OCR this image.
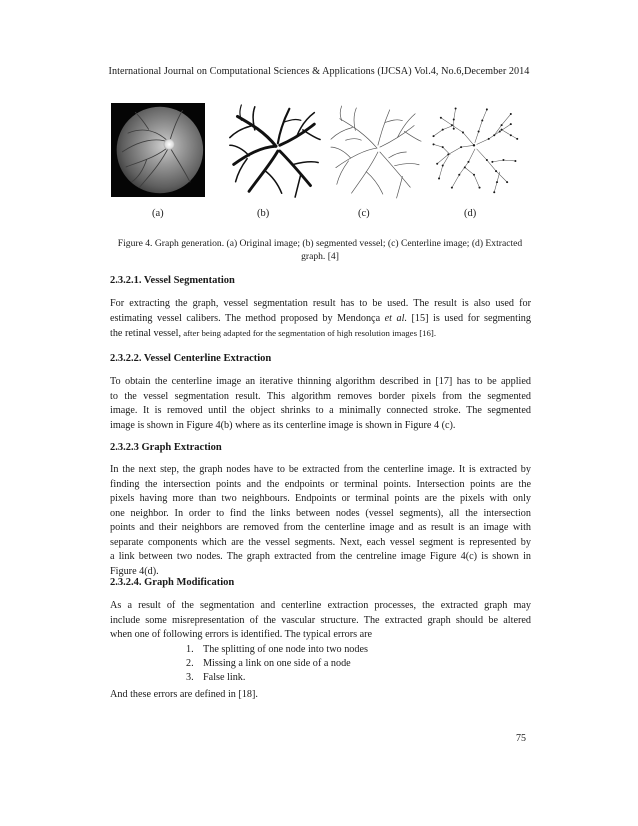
International Journal on Computational Sciences & Applications (IJCSA) Vol.4, No.6,December 2014
(a)	(b)	(c)	(d)
Figure 4. Graph generation. (a) Original image; (b) segmented vessel; (c) Centerline image; (d) Extracted
graph. [4]
2.3.2.1. Vessel Segmentation
For extracting the graph, vessel segmentation result has to be used. The result is also used for
estimating vessel calibers. The method proposed by Mendonça et al. [15] is used for segmenting
the retinal vessel, after being adapted for the segmentation of high resolution images [16].
2.3.2.2. Vessel Centerline Extraction
To obtain the centerline image an iterative thinning algorithm described in [17] has to be applied
to the vessel segmentation result. This algorithm removes border pixels from the segmented
image. It is removed until the object shrinks to a minimally connected stroke. The segmented
image is shown in Figure 4(b) where as its centerline image is shown in Figure 4 (c).
2.3.2.3 Graph Extraction
In the next step, the graph nodes have to be extracted from the centerline image. It is extracted by
finding the intersection points and the endpoints or terminal points. Intersection points are the
pixels having more than two neighbours. Endpoints or terminal points are the pixels with only
one neighbor. In order to find the links between nodes (vessel segments), all the intersection
points and their neighbors are removed from the centerline image and as result is an image with
separate components which are the vessel segments. Next, each vessel segment is represented by
a link between two nodes. The graph extracted from the centreline image Figure 4(c) is shown in
Figure 4(d).
2.3.2.4. Graph Modification
As a result of the segmentation and centerline extraction processes, the extracted graph may
include some misrepresentation of the vascular structure. The extracted graph should be altered
when one of following errors is identified. The typical errors are
1. The splitting of one node into two nodes
2. Missing a link on one side of a node
3. False link.
And these errors are defined in [18].
75
